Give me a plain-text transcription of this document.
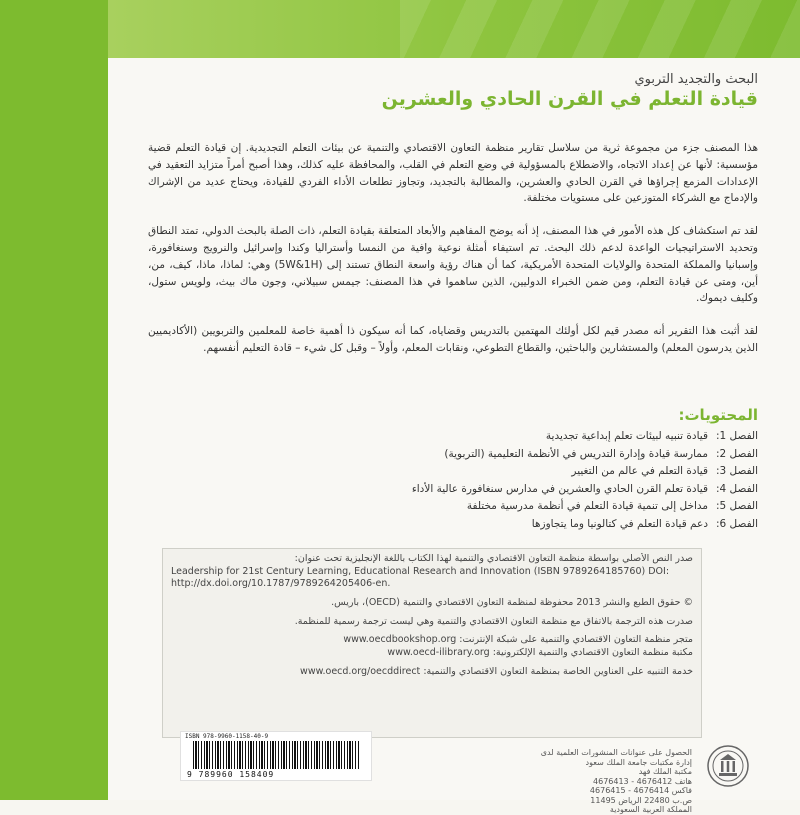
البحث والتجديد التربوي
قيادة التعلم في القرن الحادي والعشرين

هذا المصنف جزء من مجموعة ثرية من سلاسل تقارير منظمة التعاون الاقتصادي والتنمية عن بيئات التعلم التجديدية. إن قيادة التعلم قضية مؤسسية: لأنها عن إعداد الاتجاه، والاضطلاع بالمسؤولية في وضع التعلم في القلب، والمحافظة عليه كذلك، وهذا أصبح أمراً متزايد التعقيد في الإعدادات المزمع إجراؤها في القرن الحادي والعشرين، والمطالبة بالتجديد، وتجاوز تطلعات الأداء الفردي للقيادة، ويحتاج عديد من الإشراك والإدماج مع الشركاء المتوزعين على مستويات مختلفة.

لقد تم استكشاف كل هذه الأمور في هذا المصنف، إذ أنه يوضح المفاهيم والأبعاد المتعلقة بقيادة التعلم، ذات الصلة بالبحث الدولي، تمتد النطاق وتحديد الاستراتيجيات الواعدة لدعم ذلك البحث. تم استيفاء أمثلة نوعية وافية من النمسا وأستراليا وكندا وإسرائيل والنرويج وسنغافورة، وإسبانيا والمملكة المتحدة والولايات المتحدة الأمريكية، كما أن هناك رؤية واسعة النطاق تستند إلى (5W&1H) وهي: لماذا، ماذا، كيف، من، أين، ومتى عن قيادة التعلم، ومن ضمن الخبراء الدوليين، الذين ساهموا في هذا المصنف: جيمس سبيلاني، وجون ماك بيث، ولويس ستول، وكليف ديموك.

لقد أثبت هذا التقرير أنه مصدر قيم لكل أولئك المهتمين بالتدريس وقضاياه، كما أنه سيكون ذا أهمية خاصة للمعلمين والتربويين (الأكاديميين الذين يدرسون المعلم) والمستشارين والباحثين، والقطاع التطوعي، ونقابات المعلم، وأولاً – وقبل كل شيء – قادة التعليم أنفسهم.

المحتويات:
الفصل 1:
قيادة تنبيه لبيئات تعلم إبداعية تجديدية
الفصل 2:
ممارسة قيادة وإدارة التدريس في الأنظمة التعليمية (التربوية)
الفصل 3:
قيادة التعلم في عالم من التغيير
الفصل 4:
قيادة تعلم القرن الحادي والعشرين في مدارس سنغافورة عالية الأداء
الفصل 5:
مداخل إلى تنمية قيادة التعلم في أنظمة مدرسية مختلفة
الفصل 6:
دعم قيادة التعلم في كتالونيا وما يتجاوزها
صدر النص الأصلي بواسطة منظمة التعاون الاقتصادي والتنمية لهذا الكتاب باللغة الإنجليزية تحت عنوان:
Leadership for 21st Century Learning, Educational Research and Innovation (ISBN 9789264185760) DOI:
http://dx.doi.org/10.1787/9789264205406-en.
© حقوق الطبع والنشر 2013 محفوظة لمنظمة التعاون الاقتصادي والتنمية (OECD)، باريس.
صدرت هذه الترجمة بالاتفاق مع منظمة التعاون الاقتصادي والتنمية وهي ليست ترجمة رسمية للمنظمة.
متجر منظمة التعاون الاقتصادي والتنمية على شبكة الإنترنت: www.oecdbookshop.org
مكتبة منظمة التعاون الاقتصادي والتنمية الإلكترونية: www.oecd-ilibrary.org
خدمة التنبيه على العناوين الخاصة بمنظمة التعاون الاقتصادي والتنمية: www.oecd.org/oecddirect
ISBN 978-9960-1158-40-9
9 789960 158409
الحصول على عنوانات المنشورات العلمية لدى
إدارة مكتبات جامعة الملك سعود
مكتبة الملك فهد
هاتف 4676412 - 4676413
فاكس 4676414 - 4676415
ص.ب 22480 الرياض 11495
المملكة العربية السعودية
